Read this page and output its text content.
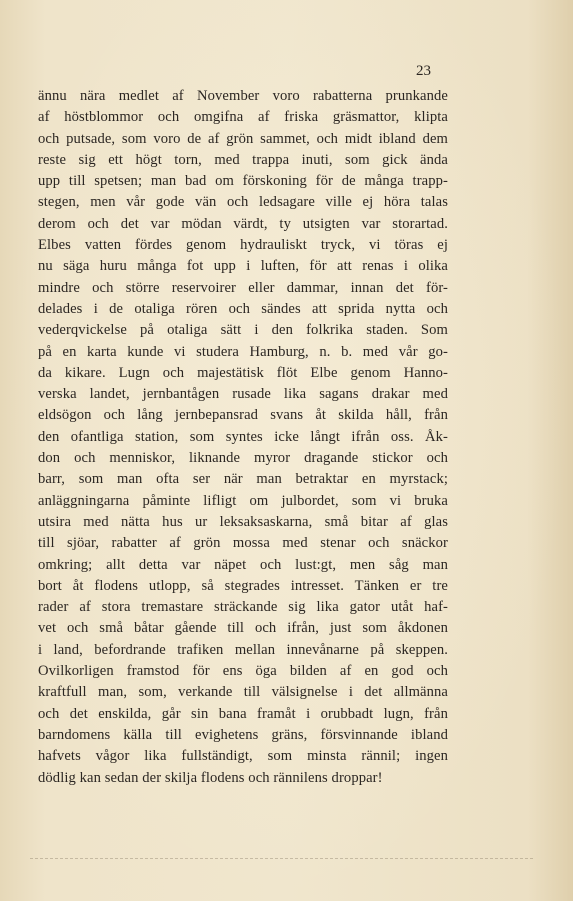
23
ännu nära medlet af November voro rabatterna prunkande
af höstblommor och omgifna af friska gräsmattor, klipta
och putsade, som voro de af grön sammet, och midt ibland dem
reste sig ett högt torn, med trappa inuti, som gick ända
upp till spetsen; man bad om förskoning för de många trapp-
stegen, men vår gode vän och ledsagare ville ej höra talas
derom och det var mödan värdt, ty utsigten var storartad.
Elbes vatten fördes genom hydrauliskt tryck, vi töras ej
nu säga huru många fot upp i luften, för att renas i olika
mindre och större reservoirer eller dammar, innan det för-
delades i de otaliga rören och sändes att sprida nytta och
vederqvickelse på otaliga sätt i den folkrika staden. Som
på en karta kunde vi studera Hamburg, n. b. med vår go-
da kikare. Lugn och majestätisk flöt Elbe genom Hanno-
verska landet, jernbantågen rusade lika sagans drakar med
eldsögon och lång jernbepansrad svans åt skilda håll, från
den ofantliga station, som syntes icke långt ifrån oss. Åk-
don och menniskor, liknande myror dragande stickor och
barr, som man ofta ser när man betraktar en myrstack;
anläggningarna påminte lifligt om julbordet, som vi bruka
utsira med nätta hus ur leksaksaskarna, små bitar af glas
till sjöar, rabatter af grön mossa med stenar och snäckor
omkring; allt detta var näpet och lust:gt, men såg man
bort åt flodens utlopp, så stegrades intresset. Tänken er tre
rader af stora tremastare sträckande sig lika gator utåt haf-
vet och små båtar gående till och ifrån, just som åkdonen
i land, befordrande trafiken mellan innevånarne på skeppen.
Ovilkorligen framstod för ens öga bilden af en god och
kraftfull man, som, verkande till välsignelse i det allmänna
och det enskilda, går sin bana framåt i orubbadt lugn, från
barndomens källa till evighetens gräns, försvinnande ibland
hafvets vågor lika fullständigt, som minsta rännil; ingen
dödlig kan sedan der skilja flodens och rännilens droppar!
